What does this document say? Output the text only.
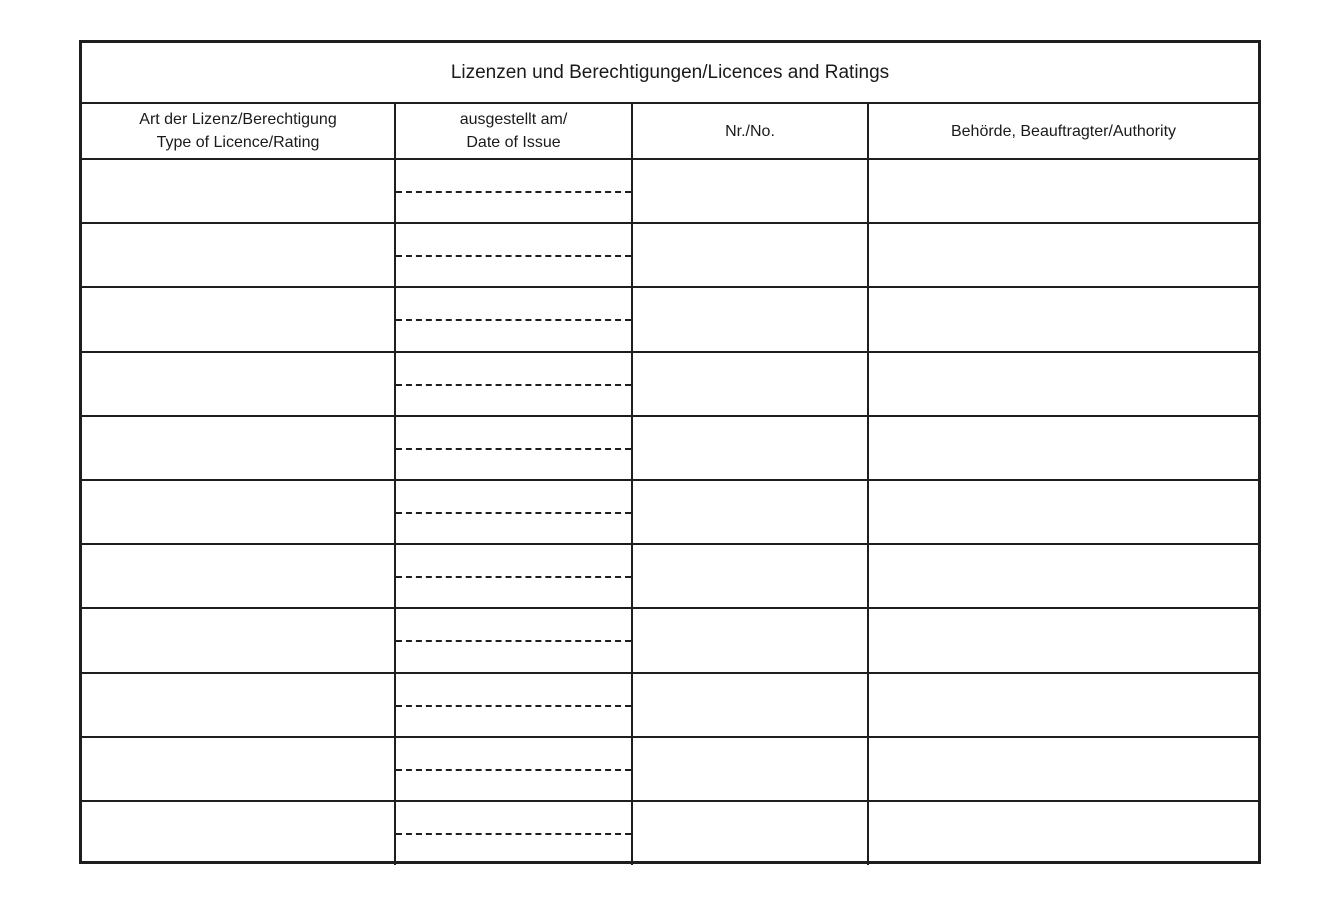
Lizenzen und Berechtigungen/Licences and Ratings
Art der Lizenz/Berechtigung
Type of Licence/Rating	ausgestellt am/
Date of Issue	Nr./No.	Behörde, Beauftragter/Authority
